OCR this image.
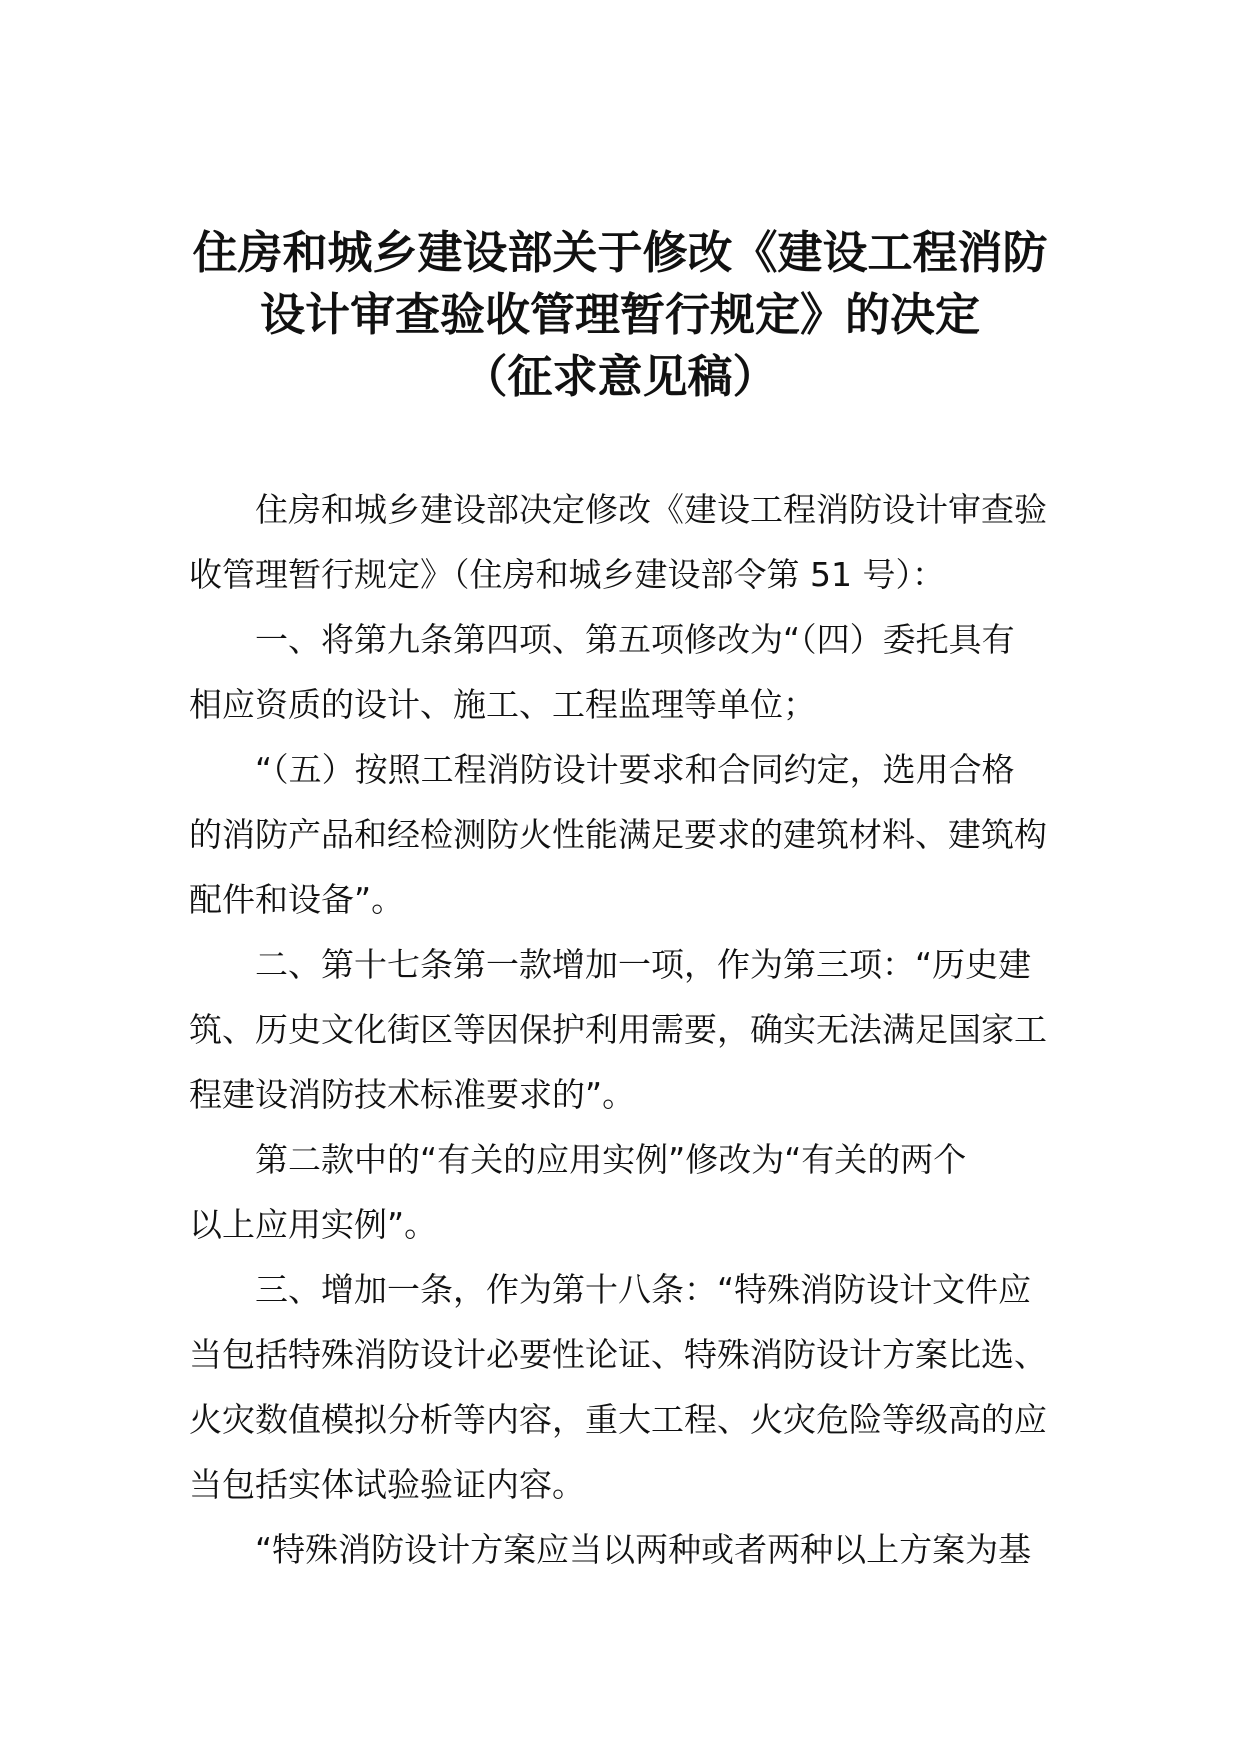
住房和城乡建设部关于修改《建设工程消防
设计审查验收管理暂行规定》的决定
（征求意见稿）
住房和城乡建设部决定修改《建设工程消防设计审查验
收管理暂行规定》（住房和城乡建设部令第 51 号）：
一、将第九条第四项、第五项修改为“（四）委托具有
相应资质的设计、施工、工程监理等单位；
“（五）按照工程消防设计要求和合同约定，选用合格
的消防产品和经检测防火性能满足要求的建筑材料、建筑构
配件和设备”。
二、第十七条第一款增加一项，作为第三项：“历史建
筑、历史文化街区等因保护利用需要，确实无法满足国家工
程建设消防技术标准要求的”。
第二款中的“有关的应用实例”修改为“有关的两个
以上应用实例”。
三、增加一条，作为第十八条：“特殊消防设计文件应
当包括特殊消防设计必要性论证、特殊消防设计方案比选、
火灾数值模拟分析等内容，重大工程、火灾危险等级高的应
当包括实体试验验证内容。
“特殊消防设计方案应当以两种或者两种以上方案为基
